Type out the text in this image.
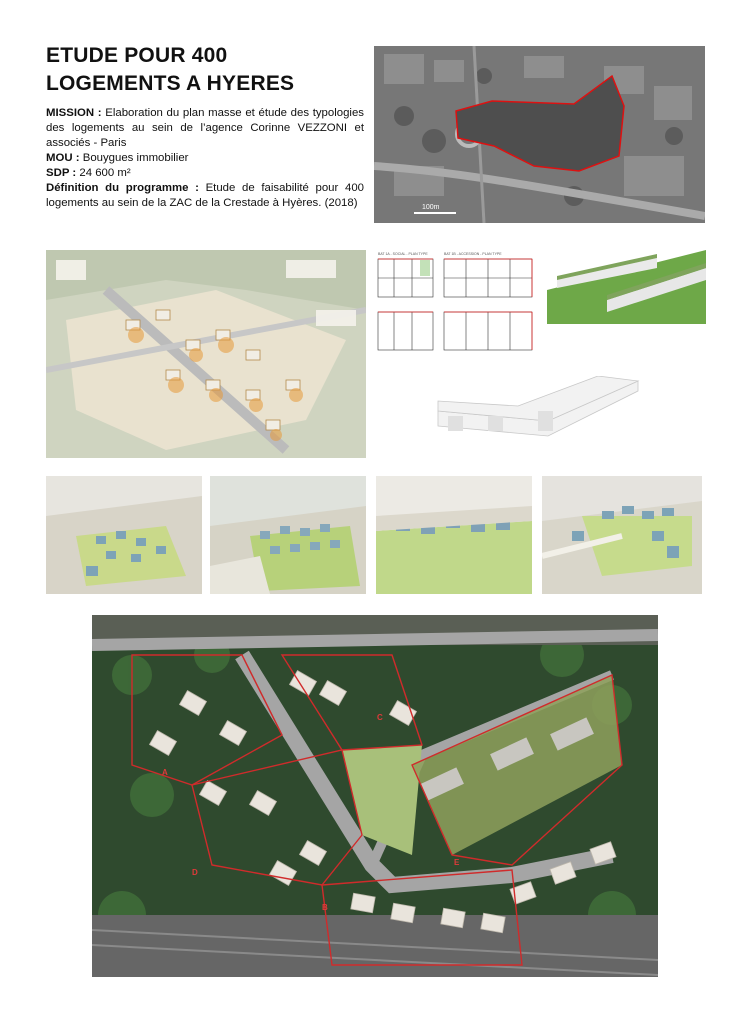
ETUDE POUR 400 LOGEMENTS A HYERES

MISSION : Elaboration du plan masse et étude des typologies des logements au sein de l’agence Corinne VEZZONI et associés - Paris

MOU : Bouygues immobilier

SDP : 24 600 m²

Définition du programme : Etude de faisabilité pour 400 logements au sein de la ZAC de la Crestade à Hyères. (2018)	100m
BAT 1A - SOCIAL - PLAN TYPE	BAT 1B - ACCESSION - PLAN TYPE
A
B
C
D
E
